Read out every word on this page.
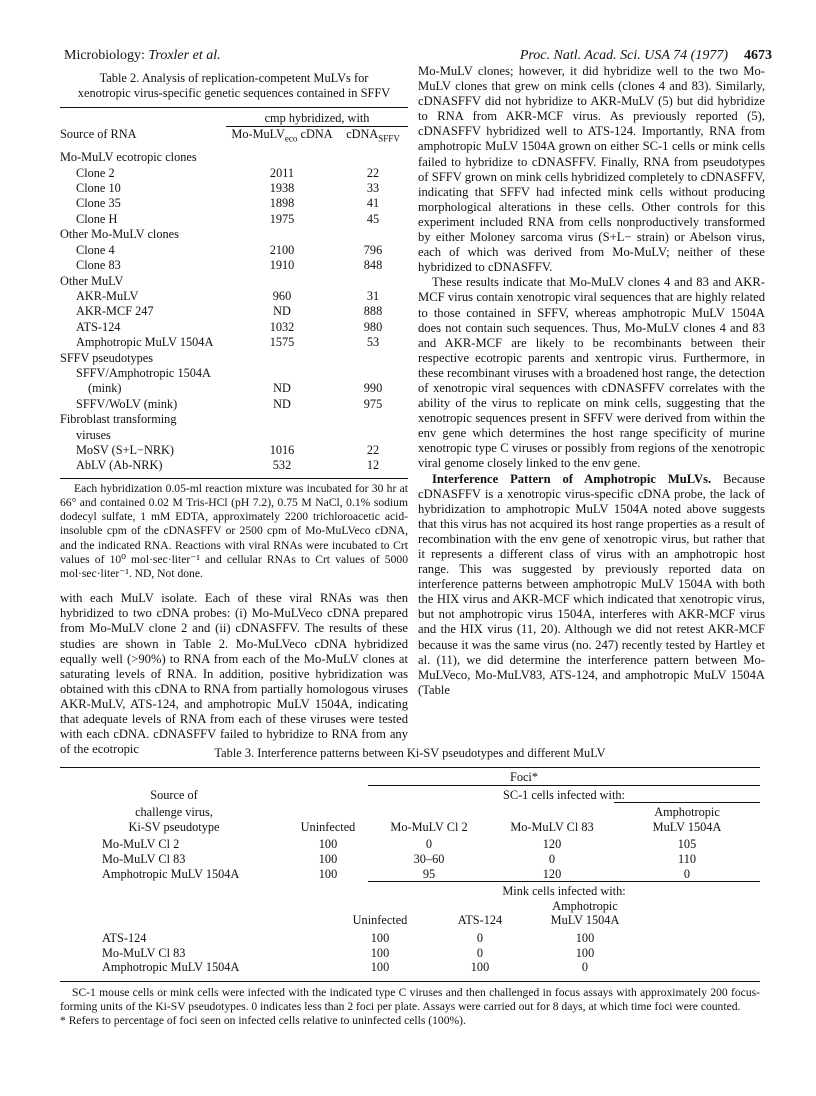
Microbiology: Troxler et al.	Proc. Natl. Acad. Sci. USA 74 (1977) 4673
Table 2. Analysis of replication-competent MuLVs for
xenotropic virus-specific genetic sequences contained in SFFV
	cmp hybridized, with	
Source of RNA	Mo-MuLV$_{eco}$ cDNA	cDNA$_{SFFV}$
Mo-MuLV ecotropic clones		
Clone 2	2011	22
Clone 10	1938	33
Clone 35	1898	41
Clone H	1975	45
Other Mo-MuLV clones		
Clone 4	2100	796
Clone 83	1910	848
Other MuLV		
AKR-MuLV	960	31
AKR-MCF 247	ND	888
ATS-124	1032	980
Amphotropic MuLV 1504A	1575	53
SFFV pseudotypes		
SFFV/Amphotropic 1504A		
(mink)	ND	990
SFFV/WoLV (mink)	ND	975
Fibroblast transforming		
viruses		
MoSV (S+L−NRK)	1016	22
AbLV (Ab-NRK)	532	12
Each hybridization 0.05-ml reaction mixture was incubated for 30 hr at 66° and contained 0.02 M Tris-HCl (pH 7.2), 0.75 M NaCl, 0.1% sodium dodecyl sulfate, 1 mM EDTA, approximately 2200 trichloroacetic acid-insoluble cpm of the cDNASFFV or 2500 cpm of Mo-MuLVeco cDNA, and the indicated RNA. Reactions with viral RNAs were incubated to Crt values of 10⁰ mol·sec·liter⁻¹ and cellular RNAs to Crt values of 5000 mol·sec·liter⁻¹. ND, Not done.

with each MuLV isolate. Each of these viral RNAs was then hybridized to two cDNA probes: (i) Mo-MuLVeco cDNA prepared from Mo-MuLV clone 2 and (ii) cDNASFFV. The results of these studies are shown in Table 2. Mo-MuLVeco cDNA hybridized equally well (>90%) to RNA from each of the Mo-MuLV clones at saturating levels of RNA. In addition, positive hybridization was obtained with this cDNA to RNA from partially homologous viruses AKR-MuLV, ATS-124, and amphotropic MuLV 1504A, indicating that adequate levels of RNA from each of these viruses were tested with each cDNA. cDNASFFV failed to hybridize to RNA from any of the ecotropic

Mo-MuLV clones; however, it did hybridize well to the two Mo-MuLV clones that grew on mink cells (clones 4 and 83). Similarly, cDNASFFV did not hybridize to AKR-MuLV (5) but did hybridize to RNA from AKR-MCF virus. As previously reported (5), cDNASFFV hybridized well to ATS-124. Importantly, RNA from amphotropic MuLV 1504A grown on either SC-1 cells or mink cells failed to hybridize to cDNASFFV. Finally, RNA from pseudotypes of SFFV grown on mink cells hybridized completely to cDNASFFV, indicating that SFFV had infected mink cells without producing morphological alterations in these cells. Other controls for this experiment included RNA from cells nonproductively transformed by either Moloney sarcoma virus (S+L− strain) or Abelson virus, each of which was derived from Mo-MuLV; neither of these hybridized to cDNASFFV.

These results indicate that Mo-MuLV clones 4 and 83 and AKR-MCF virus contain xenotropic viral sequences that are highly related to those contained in SFFV, whereas amphotropic MuLV 1504A does not contain such sequences. Thus, Mo-MuLV clones 4 and 83 and AKR-MCF are likely to be recombinants between their respective ecotropic parents and xentropic virus. Furthermore, in these recombinant viruses with a broadened host range, the detection of xenotropic viral sequences with cDNASFFV correlates with the ability of the virus to replicate on mink cells, suggesting that the xenotropic sequences present in SFFV were derived from within the env gene which determines the host range specificity of murine xenotropic type C viruses or possibly from regions of the xenotropic viral genome closely linked to the env gene.

Interference Pattern of Amphotropic MuLVs. Because cDNASFFV is a xenotropic virus-specific cDNA probe, the lack of hybridization to amphotropic MuLV 1504A noted above suggests that this virus has not acquired its host range properties as a result of recombination with the env gene of xenotropic virus, but rather that it represents a different class of virus with an amphotropic host range. This was suggested by previously reported data on interference patterns between amphotropic MuLV 1504A with both the HIX virus and AKR-MCF which indicated that xenotropic virus, but not amphotropic virus 1504A, interferes with AKR-MCF virus and the HIX virus (11, 20). Although we did not retest AKR-MCF because it was the same virus (no. 247) recently tested by Hartley et al. (11), we did determine the interference pattern between Mo-MuLVeco, Mo-MuLV83, ATS-124, and amphotropic MuLV 1504A (Table

Table 3. Interference patterns between Ki-SV pseudotypes and different MuLV
	Foci*			
Source of		SC-1 cells infected with:		
challenge virus,				Amphotropic
Ki-SV pseudotype	Uninfected	Mo-MuLV Cl 2	Mo-MuLV Cl 83	MuLV 1504A
Mo-MuLV Cl 2	100	0	120	105
Mo-MuLV Cl 83	100	30–60	0	110
Amphotropic MuLV 1504A	100	95	120	0
		Mink cells infected with:		
			Amphotropic	
	Uninfected	ATS-124	MuLV 1504A	
ATS-124	100	0	100	
Mo-MuLV Cl 83	100	0	100	
Amphotropic MuLV 1504A	100	100	0	
SC-1 mouse cells or mink cells were infected with the indicated type C viruses and then challenged in focus assays with approximately 200 focus-forming units of the Ki-SV pseudotypes. 0 indicates less than 2 foci per plate. Assays were carried out for 8 days, at which time foci were counted.
* Refers to percentage of foci seen on infected cells relative to uninfected cells (100%).
